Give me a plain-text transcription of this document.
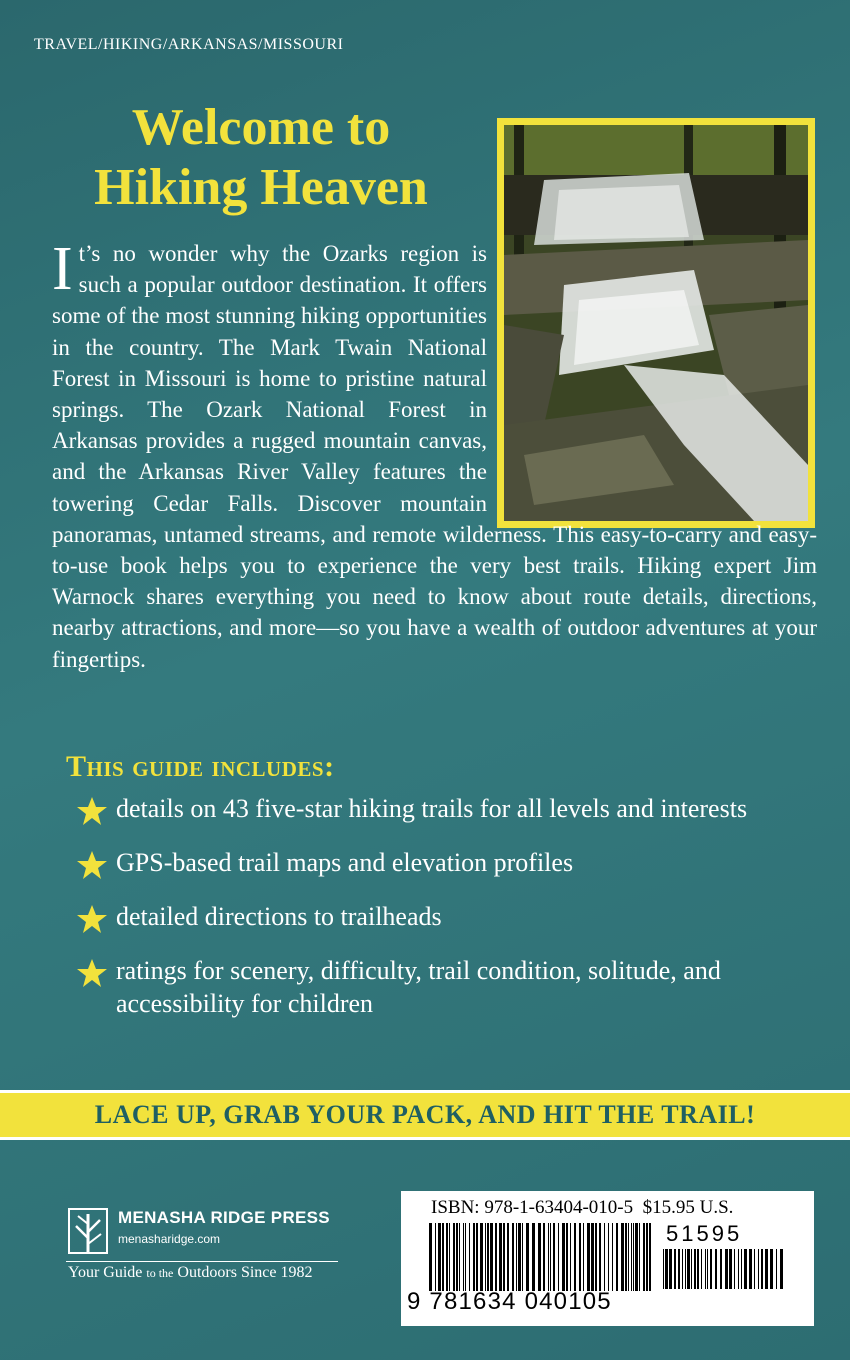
TRAVEL/HIKING/ARKANSAS/MISSOURI
Welcome to
Hiking Heaven

I t’s no wonder why the Ozarks region is such a popular outdoor destination. It offers some of the most stunning hiking opportunities in the country. The Mark Twain National Forest in Missouri is home to pristine natural springs. The Ozark National Forest in Arkansas provides a rugged mountain canvas, and the Arkansas River Valley features the towering Cedar Falls. Discover mountain panoramas, untamed streams, and remote wilderness. This easy-to-carry and easy-to-use book helps you to experience the very best trails. Hiking expert Jim Warnock shares everything you need to know about route details, directions, nearby attractions, and more—so you have a wealth of outdoor adventures at your fingertips.

This guide includes:
details on 43 five-star hiking trails for all levels and interests
GPS-based trail maps and elevation profiles
detailed directions to trailheads
ratings for scenery, difficulty, trail condition, solitude, and accessibility for children
LACE UP, GRAB YOUR PACK, AND HIT THE TRAIL!
MENASHA RIDGE PRESS
menasharidge.com
Your Guide to the Outdoors Since 1982
ISBN: 978-1-63404-010-5 $15.95 U.S.
51595
9 781634 040105
